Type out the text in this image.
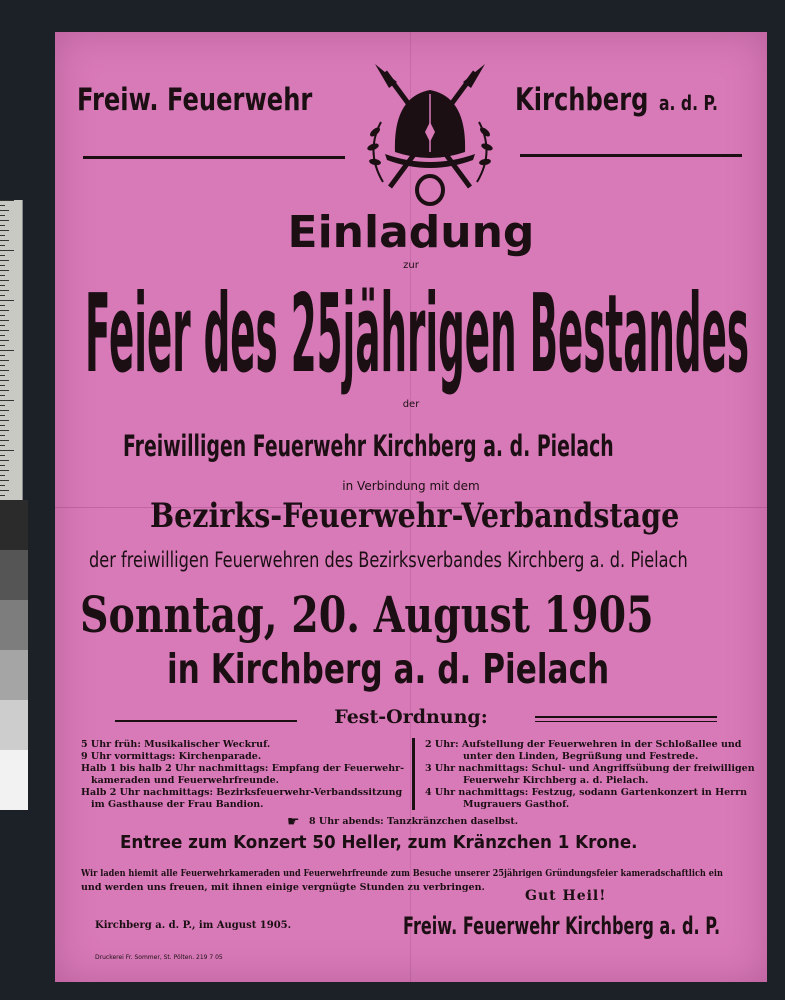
Freiw. Feuerwehr	Kirchberg a. d. P.
Einladung
zur
Feier des 25jährigen Bestandes
der
Freiwilligen Feuerwehr Kirchberg a. d. Pielach
in Verbindung mit dem
Bezirks-Feuerwehr-Verbandstage
der freiwilligen Feuerwehren des Bezirksverbandes Kirchberg a. d. Pielach
Sonntag, 20. August 1905
in Kirchberg a. d. Pielach
Fest-Ordnung:

5 Uhr früh: Musikalischer Weckruf.

9 Uhr vormittags: Kirchenparade.

Halb 1 bis halb 2 Uhr nachmittags: Empfang der Feuerwehr-

kameraden und Feuerwehrfreunde.

Halb 2 Uhr nachmittags: Bezirksfeuerwehr-Verbandssitzung

im Gasthause der Frau Bandion.

2 Uhr: Aufstellung der Feuerwehren in der Schloßallee und

unter den Linden, Begrüßung und Festrede.

3 Uhr nachmittags: Schul- und Angriffsübung der freiwilligen

Feuerwehr Kirchberg a. d. Pielach.

4 Uhr nachmittags: Festzug, sodann Gartenkonzert in Herrn

Mugrauers Gasthof.

☛ 8 Uhr abends: Tanzkränzchen daselbst.
Entree zum Konzert 50 Heller, zum Kränzchen 1 Krone.
Wir laden hiemit alle Feuerwehrkameraden und Feuerwehrfreunde zum Besuche unserer 25jährigen Gründungsfeier kameradschaftlich ein
und werden uns freuen, mit ihnen einige vergnügte Stunden zu verbringen.
Gut Heil!
Kirchberg a. d. P., im August 1905.	Freiw. Feuerwehr Kirchberg a. d. P.
Druckerei Fr. Sommer, St. Pölten. 219 7 05
